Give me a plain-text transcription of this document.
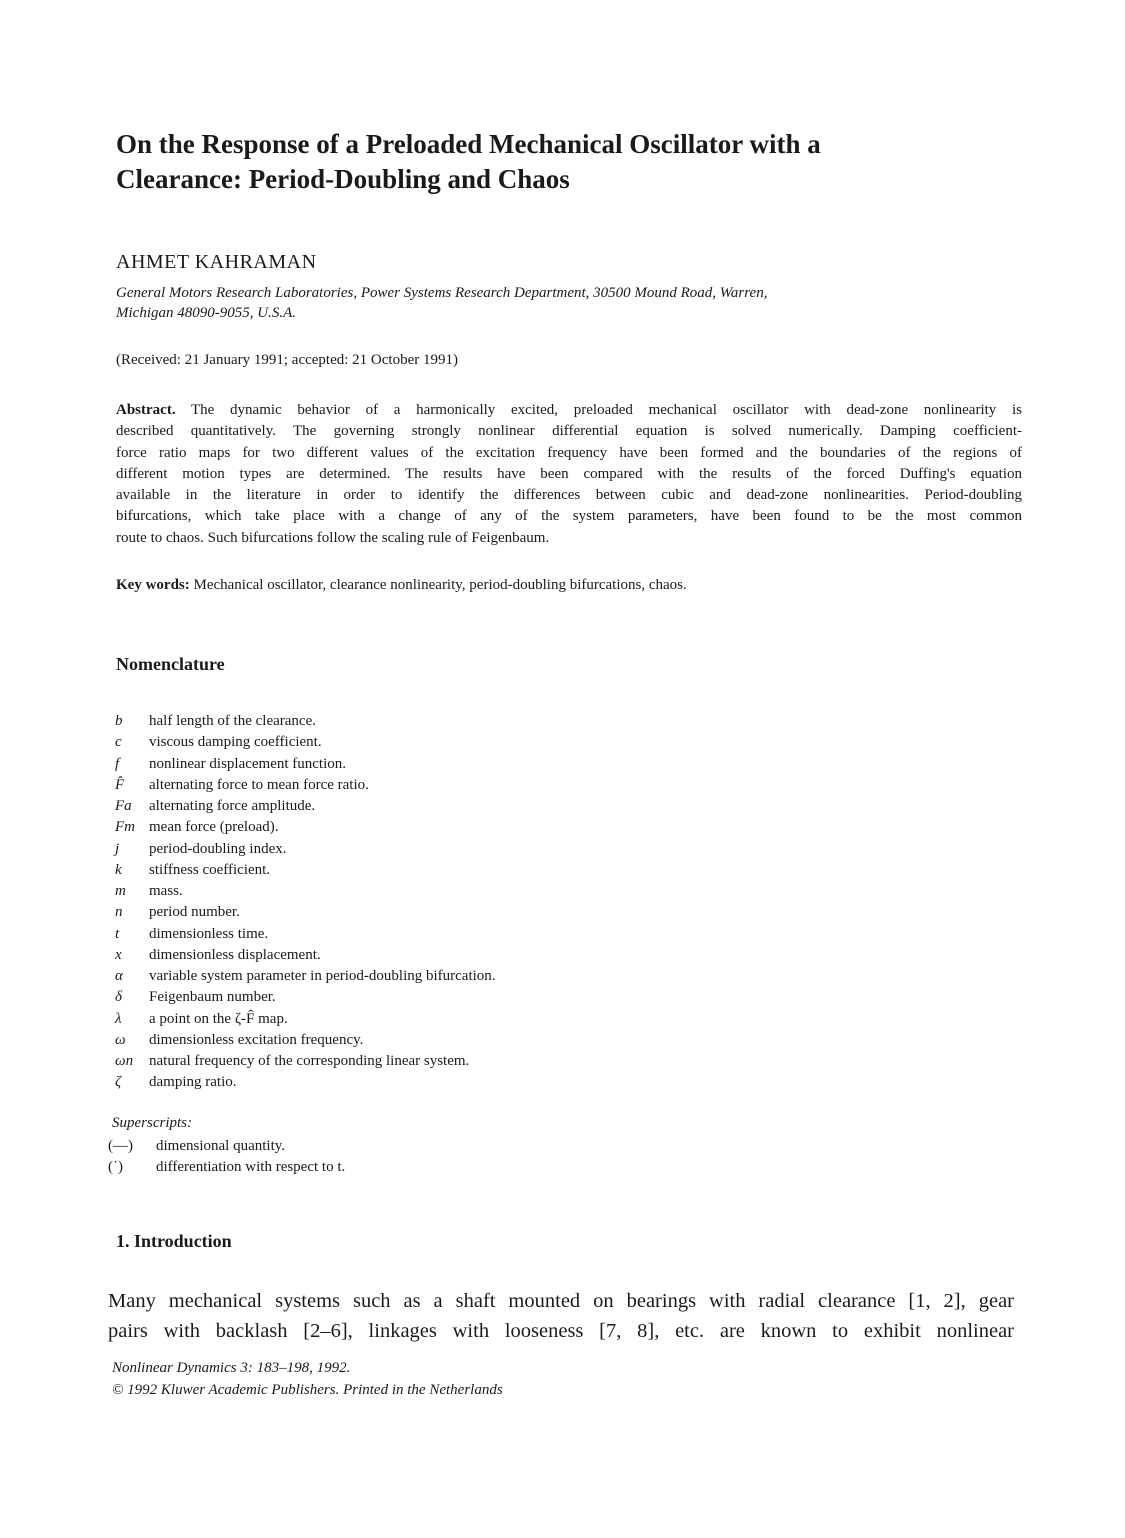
On the Response of a Preloaded Mechanical Oscillator with a
Clearance: Period-Doubling and Chaos
AHMET KAHRAMAN
General Motors Research Laboratories, Power Systems Research Department, 30500 Mound Road, Warren,
Michigan 48090-9055, U.S.A.
(Received: 21 January 1991; accepted: 21 October 1991)
Abstract. The dynamic behavior of a harmonically excited, preloaded mechanical oscillator with dead-zone nonlinearity is
described quantitatively. The governing strongly nonlinear differential equation is solved numerically. Damping coefficient-
force ratio maps for two different values of the excitation frequency have been formed and the boundaries of the regions of
different motion types are determined. The results have been compared with the results of the forced Duffing's equation
available in the literature in order to identify the differences between cubic and dead-zone nonlinearities. Period-doubling
bifurcations, which take place with a change of any of the system parameters, have been found to be the most common
route to chaos. Such bifurcations follow the scaling rule of Feigenbaum.
Key words: Mechanical oscillator, clearance nonlinearity, period-doubling bifurcations, chaos.
Nomenclature
b	half length of the clearance.
c	viscous damping coefficient.
f	nonlinear displacement function.
F̂	alternating force to mean force ratio.
Fa	alternating force amplitude.
Fm mean force (preload).
j	period-doubling index.
k	stiffness coefficient.
m	mass.
n	period number.
t	dimensionless time.
x	dimensionless displacement.
α	variable system parameter in period-doubling bifurcation.
δ	Feigenbaum number.
λ	a point on the ζ-F̂ map.
ω	dimensionless excitation frequency.
ωn	natural frequency of the corresponding linear system.
ζ	damping ratio.
Superscripts:
(—)	dimensional quantity.
(˙)	differentiation with respect to t.
1. Introduction
Many mechanical systems such as a shaft mounted on bearings with radial clearance [1, 2], gear
pairs with backlash [2–6], linkages with looseness [7, 8], etc. are known to exhibit nonlinear
Nonlinear Dynamics 3: 183–198, 1992.
© 1992 Kluwer Academic Publishers. Printed in the Netherlands
